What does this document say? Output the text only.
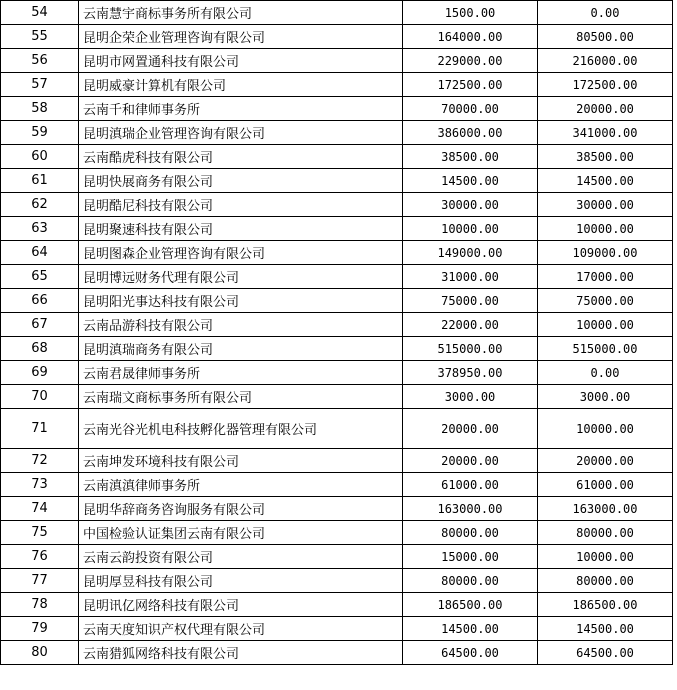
54	云南慧宇商标事务所有限公司	1500.00	0.00
55	昆明企荣企业管理咨询有限公司	164000.00	80500.00
56	昆明市网置通科技有限公司	229000.00	216000.00
57	昆明威豪计算机有限公司	172500.00	172500.00
58	云南千和律师事务所	70000.00	20000.00
59	昆明滇瑞企业管理咨询有限公司	386000.00	341000.00
60	云南酷虎科技有限公司	38500.00	38500.00
61	昆明快展商务有限公司	14500.00	14500.00
62	昆明酷尼科技有限公司	30000.00	30000.00
63	昆明聚速科技有限公司	10000.00	10000.00
64	昆明图森企业管理咨询有限公司	149000.00	109000.00
65	昆明博远财务代理有限公司	31000.00	17000.00
66	昆明阳光事达科技有限公司	75000.00	75000.00
67	云南品游科技有限公司	22000.00	10000.00
68	昆明滇瑞商务有限公司	515000.00	515000.00
69	云南君晟律师事务所	378950.00	0.00
70	云南瑞文商标事务所有限公司	3000.00	3000.00
71	云南光谷光机电科技孵化器管理有限公司	20000.00	10000.00
72	云南坤发环境科技有限公司	20000.00	20000.00
73	云南滇滇律师事务所	61000.00	61000.00
74	昆明华辞商务咨询服务有限公司	163000.00	163000.00
75	中国检验认证集团云南有限公司	80000.00	80000.00
76	云南云韵投资有限公司	15000.00	10000.00
77	昆明厚昱科技有限公司	80000.00	80000.00
78	昆明讯亿网络科技有限公司	186500.00	186500.00
79	云南天度知识产权代理有限公司	14500.00	14500.00
80	云南猎狐网络科技有限公司	64500.00	64500.00
